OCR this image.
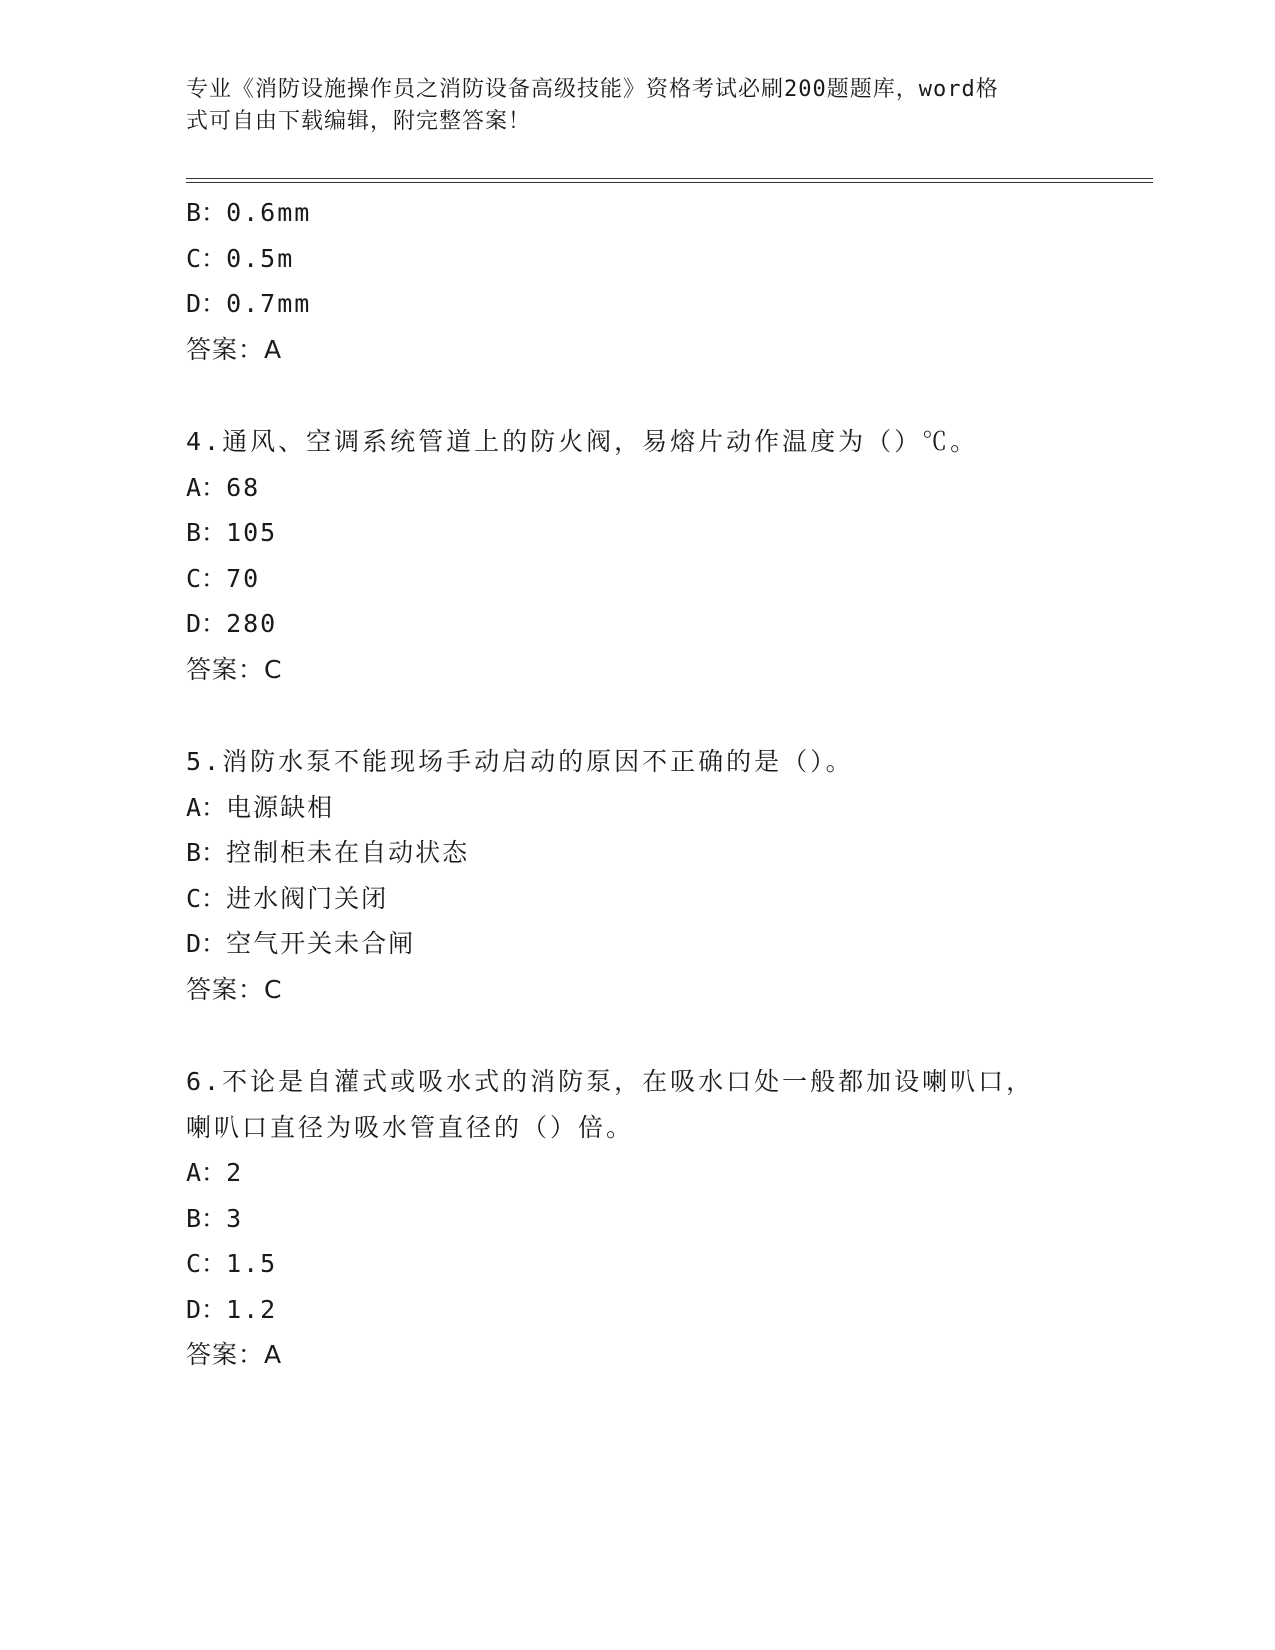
专业《消防设施操作员之消防设备高级技能》资格考试必刷200题题库，word格
式可自由下载编辑，附完整答案！
B：0.6mm
C：0.5m
D：0.7mm
答案：A
4.通风、空调系统管道上的防火阀，易熔片动作温度为（）℃。
A：68
B：105
C：70
D：280
答案：C
5.消防水泵不能现场手动启动的原因不正确的是（）。
A：电源缺相
B：控制柜未在自动状态
C：进水阀门关闭
D：空气开关未合闸
答案：C
6.不论是自灌式或吸水式的消防泵，在吸水口处一般都加设喇叭口，
喇叭口直径为吸水管直径的（）倍。
A：2
B：3
C：1.5
D：1.2
答案：A
